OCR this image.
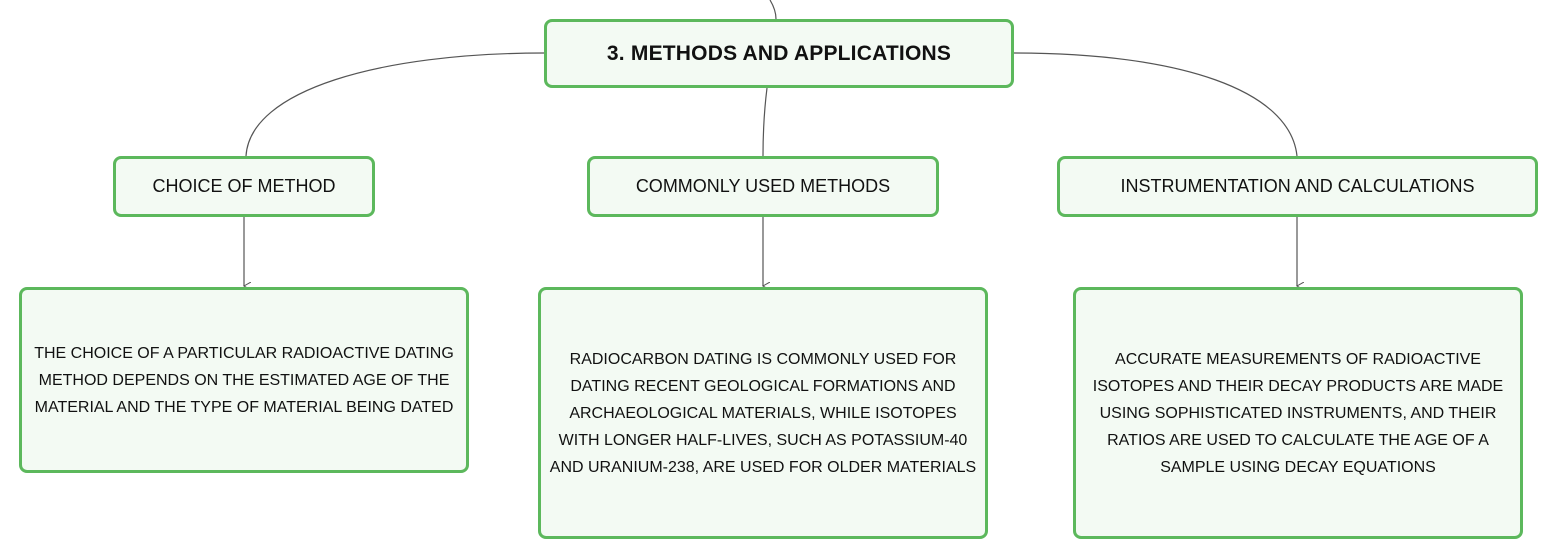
3. METHODS AND APPLICATIONS
CHOICE OF METHOD	COMMONLY USED METHODS	INSTRUMENTATION AND CALCULATIONS
THE CHOICE OF A PARTICULAR RADIOACTIVE DATING METHOD DEPENDS ON THE ESTIMATED AGE OF THE MATERIAL AND THE TYPE OF MATERIAL BEING DATED
RADIOCARBON DATING IS COMMONLY USED FOR DATING RECENT GEOLOGICAL FORMATIONS AND ARCHAEOLOGICAL MATERIALS, WHILE ISOTOPES WITH LONGER HALF-LIVES, SUCH AS POTASSIUM-40 AND URANIUM-238, ARE USED FOR OLDER MATERIALS
ACCURATE MEASUREMENTS OF RADIOACTIVE ISOTOPES AND THEIR DECAY PRODUCTS ARE MADE USING SOPHISTICATED INSTRUMENTS, AND THEIR RATIOS ARE USED TO CALCULATE THE AGE OF A SAMPLE USING DECAY EQUATIONS
